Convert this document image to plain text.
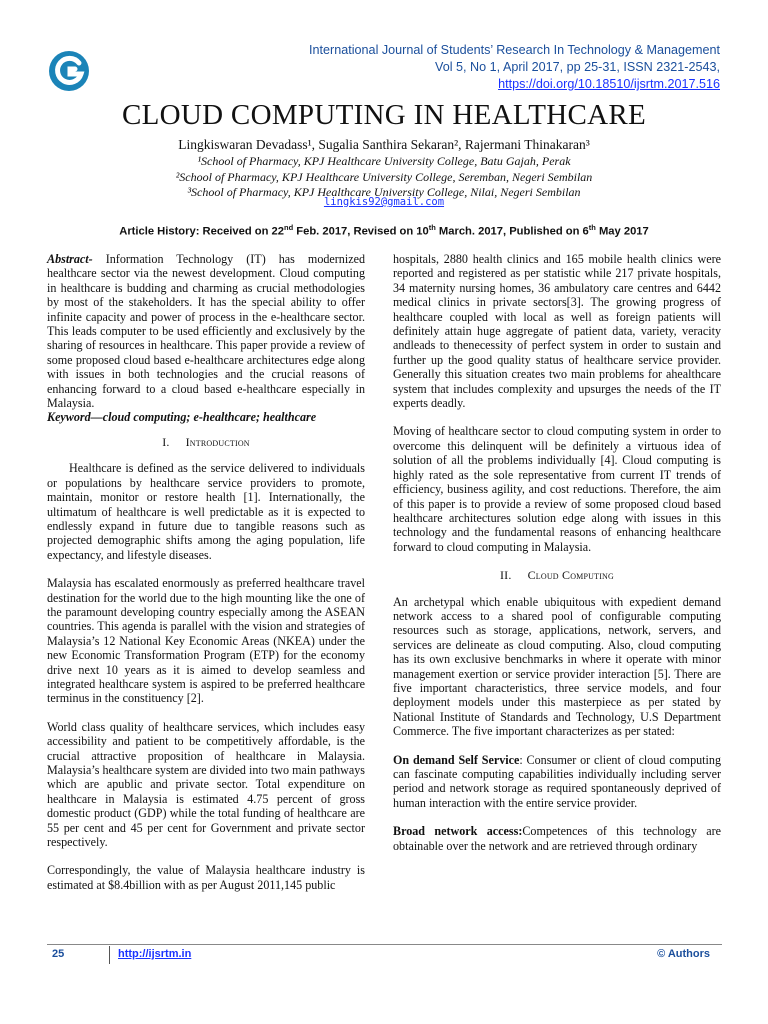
International Journal of Students’ Research In Technology & Management
Vol 5, No 1, April 2017, pp 25-31, ISSN 2321-2543,
https://doi.org/10.18510/ijsrtm.2017.516
CLOUD COMPUTING IN HEALTHCARE
Lingkiswaran Devadass¹, Sugalia Santhira Sekaran², Rajermani Thinakaran³
¹School of Pharmacy, KPJ Healthcare University College, Batu Gajah, Perak
²School of Pharmacy, KPJ Healthcare University College, Seremban, Negeri Sembilan
³School of Pharmacy, KPJ Healthcare University College, Nilai, Negeri Sembilan
lingkis92@gmail.com
Article History: Received on 22nd Feb. 2017, Revised on 10th March. 2017, Published on 6th May 2017

Abstract- Information Technology (IT) has modernized healthcare sector via the newest development. Cloud computing in healthcare is budding and charming as crucial methodologies by most of the stakeholders. It has the special ability to offer infinite capacity and power of process in the e-healthcare sector. This leads computer to be used efficiently and exclusively by the sharing of resources in healthcare. This paper provide a review of some proposed cloud based e-healthcare architectures edge along with issues in both technologies and the crucial reasons of enhancing forward to a cloud based e-healthcare especially in Malaysia.

Keyword—cloud computing; e-healthcare; healthcare

I. Introduction

Healthcare is defined as the service delivered to individuals or populations by healthcare service providers to promote, maintain, monitor or restore health [1]. Internationally, the ultimatum of healthcare is well predictable as it is expected to endlessly expand in future due to tangible reasons such as projected demographic shifts among the aging population, life expectancy, and lifestyle diseases.

Malaysia has escalated enormously as preferred healthcare travel destination for the world due to the high mounting like the one of the paramount developing country especially among the ASEAN countries. This agenda is parallel with the vision and strategies of Malaysia’s 12 National Key Economic Areas (NKEA) under the new Economic Transformation Program (ETP) for the economy drive next 10 years as it is aimed to develop seamless and integrated healthcare system is aspired to be preferred healthcare terminus in the constituency [2].

World class quality of healthcare services, which includes easy accessibility and patient to be competitively affordable, is the crucial attractive proposition of healthcare in Malaysia. Malaysia’s healthcare system are divided into two main pathways which are apublic and private sector. Total expenditure on healthcare in Malaysia is estimated 4.75 percent of gross domestic product (GDP) while the total funding of healthcare are 55 per cent and 45 per cent for Government and private sector respectively.

Correspondingly, the value of Malaysia healthcare industry is estimated at $8.4billion with as per August 2011,145 public

hospitals, 2880 health clinics and 165 mobile health clinics were reported and registered as per statistic while 217 private hospitals, 34 maternity nursing homes, 36 ambulatory care centres and 6442 medical clinics in private sectors[3]. The growing progress of healthcare coupled with local as well as foreign patients will definitely attain huge aggregate of patient data, variety, veracity andleads to thenecessity of perfect system in order to sustain and further up the good quality status of healthcare service provider. Generally this situation creates two main problems for ahealthcare system that includes complexity and upsurges the needs of the IT experts deadly.

Moving of healthcare sector to cloud computing system in order to overcome this delinquent will be definitely a virtuous idea of solution of all the problems individually [4]. Cloud computing is highly rated as the sole representative from current IT trends of efficiency, business agility, and cost reductions. Therefore, the aim of this paper is to provide a review of some proposed cloud based healthcare architectures solution edge along with issues in this technology and the fundamental reasons of enhancing healthcare forward to cloud computing in Malaysia.

II. Cloud Computing

An archetypal which enable ubiquitous with expedient demand network access to a shared pool of configurable computing resources such as storage, applications, network, servers, and services are delineate as cloud computing. Also, cloud computing has its own exclusive benchmarks in where it operate with minor management exertion or service provider interaction [5]. There are five important characteristics, three service models, and four deployment models under this masterpiece as per stated by National Institute of Standards and Technology, U.S Department Commerce. The five important characterizes as per stated:

On demand Self Service: Consumer or client of cloud computing can fascinate computing capabilities individually including server period and network storage as required spontaneously deprived of human interaction with the entire service provider.

Broad network access:Competences of this technology are obtainable over the network and are retrieved through ordinary

25	http://ijsrtm.in	© Authors
